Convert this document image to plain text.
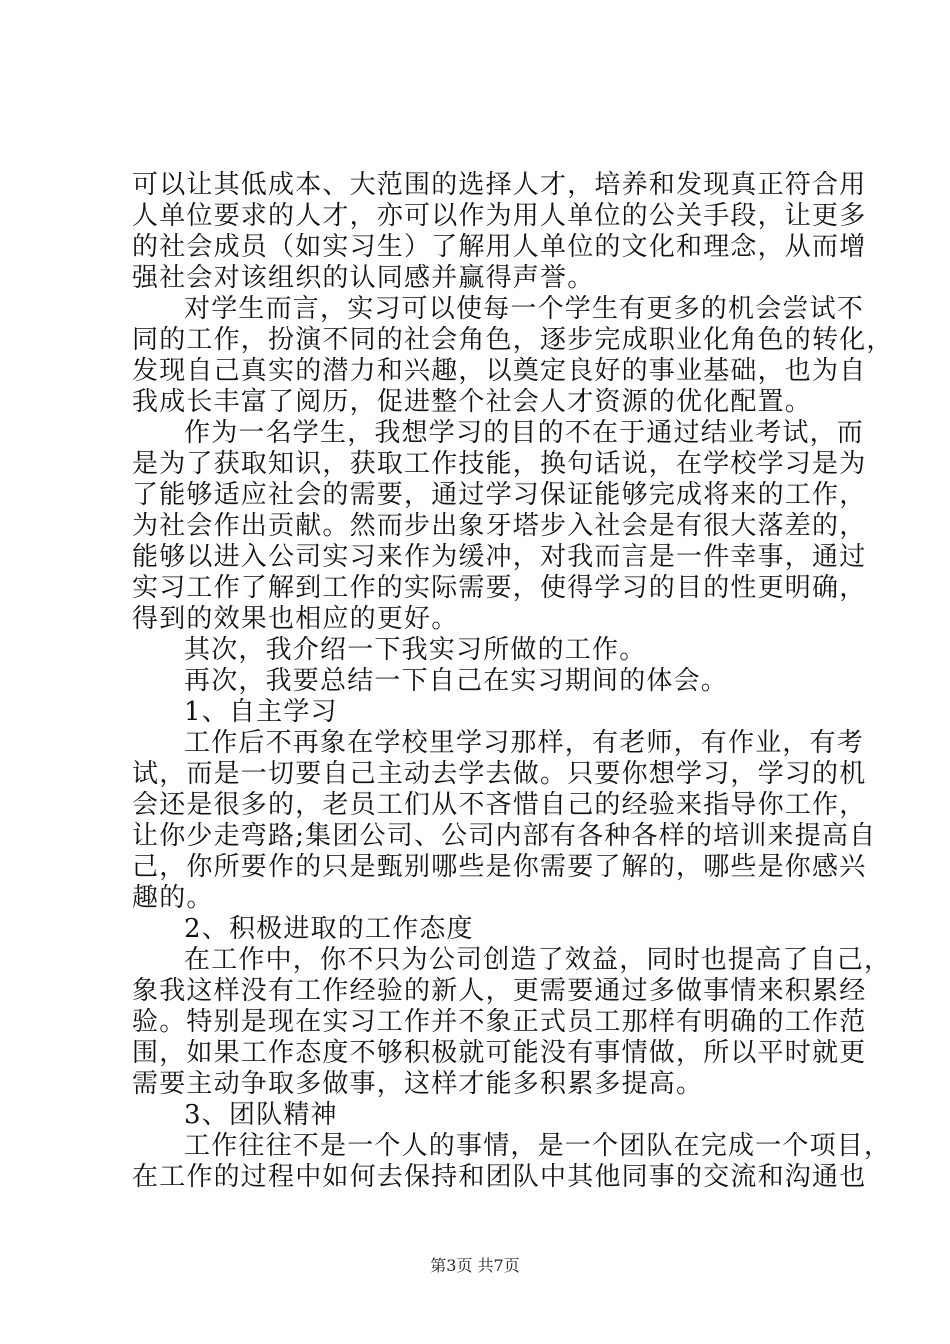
可以让其低成本、大范围的选择人才，培养和发现真正符合用
人单位要求的人才，亦可以作为用人单位的公关手段，让更多
的社会成员（如实习生）了解用人单位的文化和理念，从而增
强社会对该组织的认同感并赢得声誉。
对学生而言，实习可以使每一个学生有更多的机会尝试不
同的工作，扮演不同的社会角色，逐步完成职业化角色的转化，
发现自己真实的潜力和兴趣，以奠定良好的事业基础，也为自
我成长丰富了阅历，促进整个社会人才资源的优化配置。
作为一名学生，我想学习的目的不在于通过结业考试，而
是为了获取知识，获取工作技能，换句话说，在学校学习是为
了能够适应社会的需要，通过学习保证能够完成将来的工作，
为社会作出贡献。然而步出象牙塔步入社会是有很大落差的，
能够以进入公司实习来作为缓冲，对我而言是一件幸事，通过
实习工作了解到工作的实际需要，使得学习的目的性更明确，
得到的效果也相应的更好。
其次，我介绍一下我实习所做的工作。
再次，我要总结一下自己在实习期间的体会。
1、自主学习
工作后不再象在学校里学习那样，有老师，有作业，有考
试，而是一切要自己主动去学去做。只要你想学习，学习的机
会还是很多的，老员工们从不吝惜自己的经验来指导你工作，
让你少走弯路;集团公司、公司内部有各种各样的培训来提高自
己，你所要作的只是甄别哪些是你需要了解的，哪些是你感兴
趣的。
2、积极进取的工作态度
在工作中，你不只为公司创造了效益，同时也提高了自己，
象我这样没有工作经验的新人，更需要通过多做事情来积累经
验。特别是现在实习工作并不象正式员工那样有明确的工作范
围，如果工作态度不够积极就可能没有事情做，所以平时就更
需要主动争取多做事，这样才能多积累多提高。
3、团队精神
工作往往不是一个人的事情，是一个团队在完成一个项目，
在工作的过程中如何去保持和团队中其他同事的交流和沟通也
第3页 共7页
